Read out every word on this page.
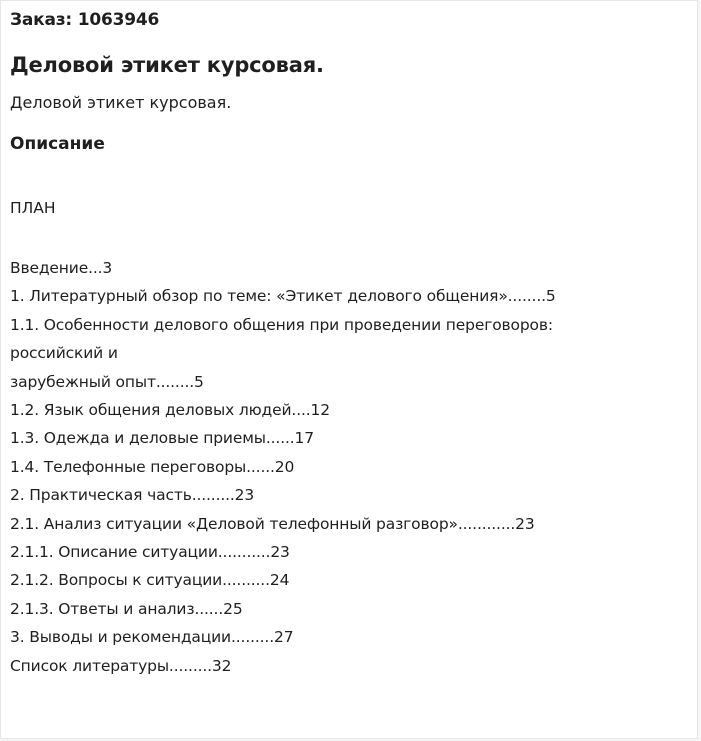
Заказ: 1063946
Деловой этикет курсовая.
Деловой этикет курсовая.
Описание
ПЛАН
Введение...3
1. Литературный обзор по теме: «Этикет делового общения»........5
1.1. Особенности делового общения при проведении переговоров:
российский и
зарубежный опыт........5
1.2. Язык общения деловых людей....12
1.3. Одежда и деловые приемы......17
1.4. Телефонные переговоры......20
2. Практическая часть.........23
2.1. Анализ ситуации «Деловой телефонный разговор»............23
2.1.1. Описание ситуации...........23
2.1.2. Вопросы к ситуации..........24
2.1.3. Ответы и анализ......25
3. Выводы и рекомендации.........27
Список литературы.........32
